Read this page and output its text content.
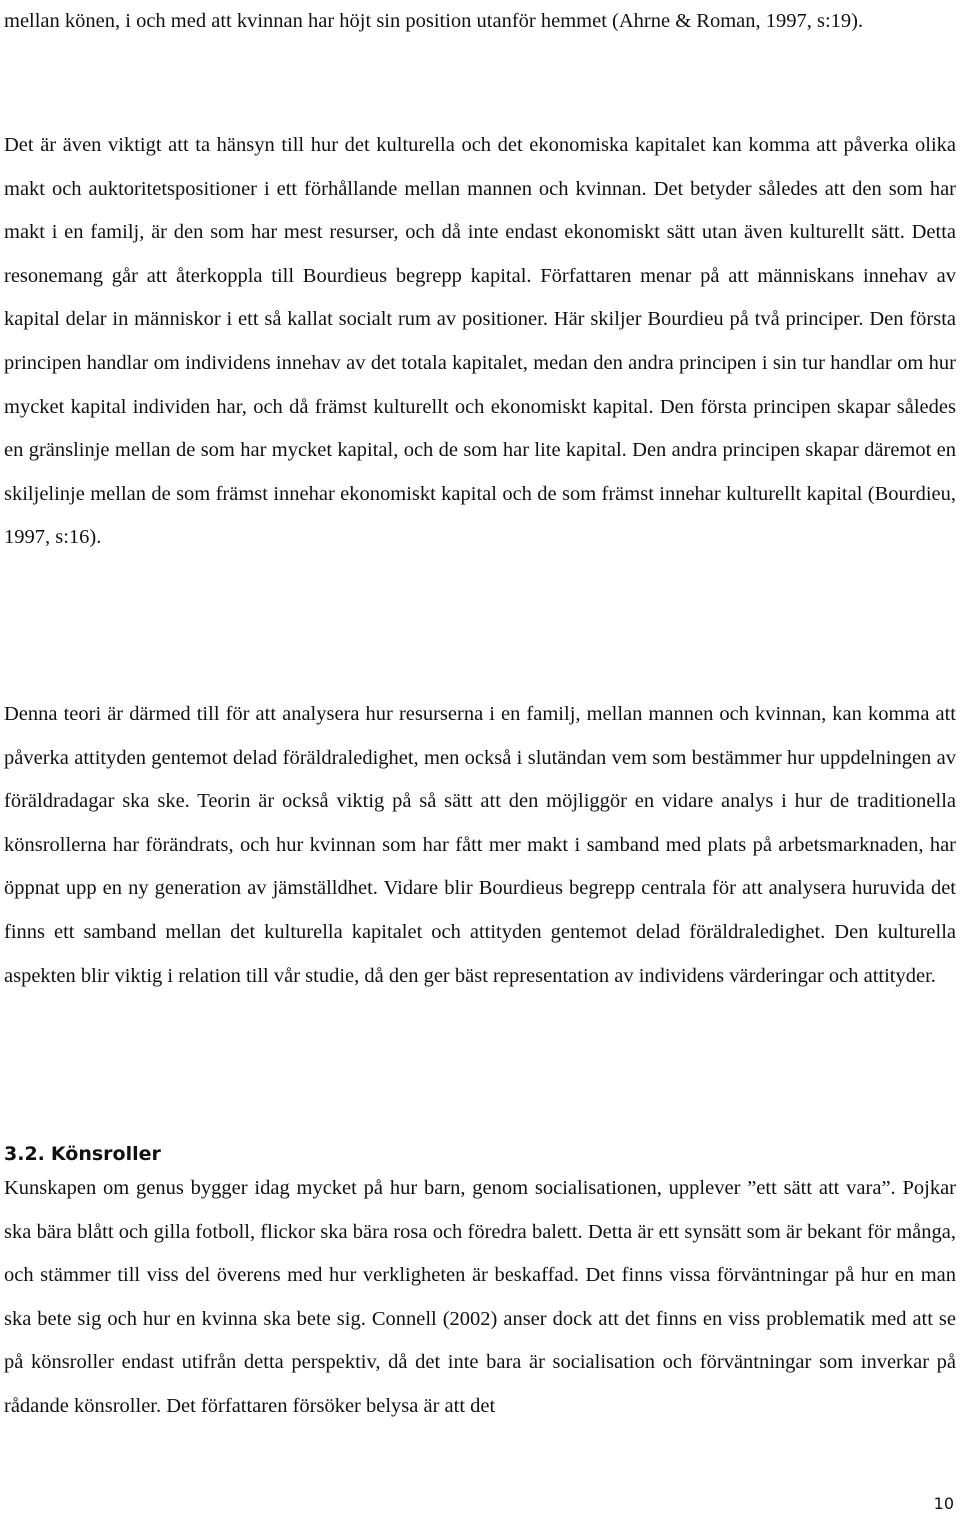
mellan könen, i och med att kvinnan har höjt sin position utanför hemmet (Ahrne & Roman, 1997, s:19).

Det är även viktigt att ta hänsyn till hur det kulturella och det ekonomiska kapitalet kan komma att påverka olika makt och auktoritetspositioner i ett förhållande mellan mannen och kvinnan. Det betyder således att den som har makt i en familj, är den som har mest resurser, och då inte endast ekonomiskt sätt utan även kulturellt sätt. Detta resonemang går att återkoppla till Bourdieus begrepp kapital. Författaren menar på att människans innehav av kapital delar in människor i ett så kallat socialt rum av positioner. Här skiljer Bourdieu på två principer. Den första principen handlar om individens innehav av det totala kapitalet, medan den andra principen i sin tur handlar om hur mycket kapital individen har, och då främst kulturellt och ekonomiskt kapital. Den första principen skapar således en gränslinje mellan de som har mycket kapital, och de som har lite kapital. Den andra principen skapar däremot en skiljelinje mellan de som främst innehar ekonomiskt kapital och de som främst innehar kulturellt kapital (Bourdieu, 1997, s:16).

Denna teori är därmed till för att analysera hur resurserna i en familj, mellan mannen och kvinnan, kan komma att påverka attityden gentemot delad föräldraledighet, men också i slutändan vem som bestämmer hur uppdelningen av föräldradagar ska ske. Teorin är också viktig på så sätt att den möjliggör en vidare analys i hur de traditionella könsrollerna har förändrats, och hur kvinnan som har fått mer makt i samband med plats på arbetsmarknaden, har öppnat upp en ny generation av jämställdhet. Vidare blir Bourdieus begrepp centrala för att analysera huruvida det finns ett samband mellan det kulturella kapitalet och attityden gentemot delad föräldraledighet. Den kulturella aspekten blir viktig i relation till vår studie, då den ger bäst representation av individens värderingar och attityder.

3.2. Könsroller

Kunskapen om genus bygger idag mycket på hur barn, genom socialisationen, upplever ”ett sätt att vara”. Pojkar ska bära blått och gilla fotboll, flickor ska bära rosa och föredra balett. Detta är ett synsätt som är bekant för många, och stämmer till viss del överens med hur verkligheten är beskaffad. Det finns vissa förväntningar på hur en man ska bete sig och hur en kvinna ska bete sig. Connell (2002) anser dock att det finns en viss problematik med att se på könsroller endast utifrån detta perspektiv, då det inte bara är socialisation och förväntningar som inverkar på rådande könsroller. Det författaren försöker belysa är att det

10
